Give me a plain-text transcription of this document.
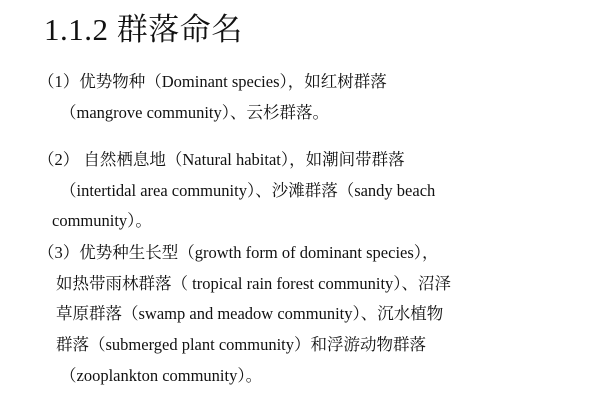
1.1.2 群落命名
（1）优势物种（Dominant species），如红树群落
（mangrove community）、云杉群落。
（2） 自然栖息地（Natural habitat），如潮间带群落
（intertidal area community）、沙滩群落（sandy beach
community）。
（3）优势种生长型（growth form of dominant species），
如热带雨林群落（ tropical rain forest community）、沼泽
草原群落（swamp and meadow community）、沉水植物
群落（submerged plant community）和浮游动物群落
（zooplankton community）。
